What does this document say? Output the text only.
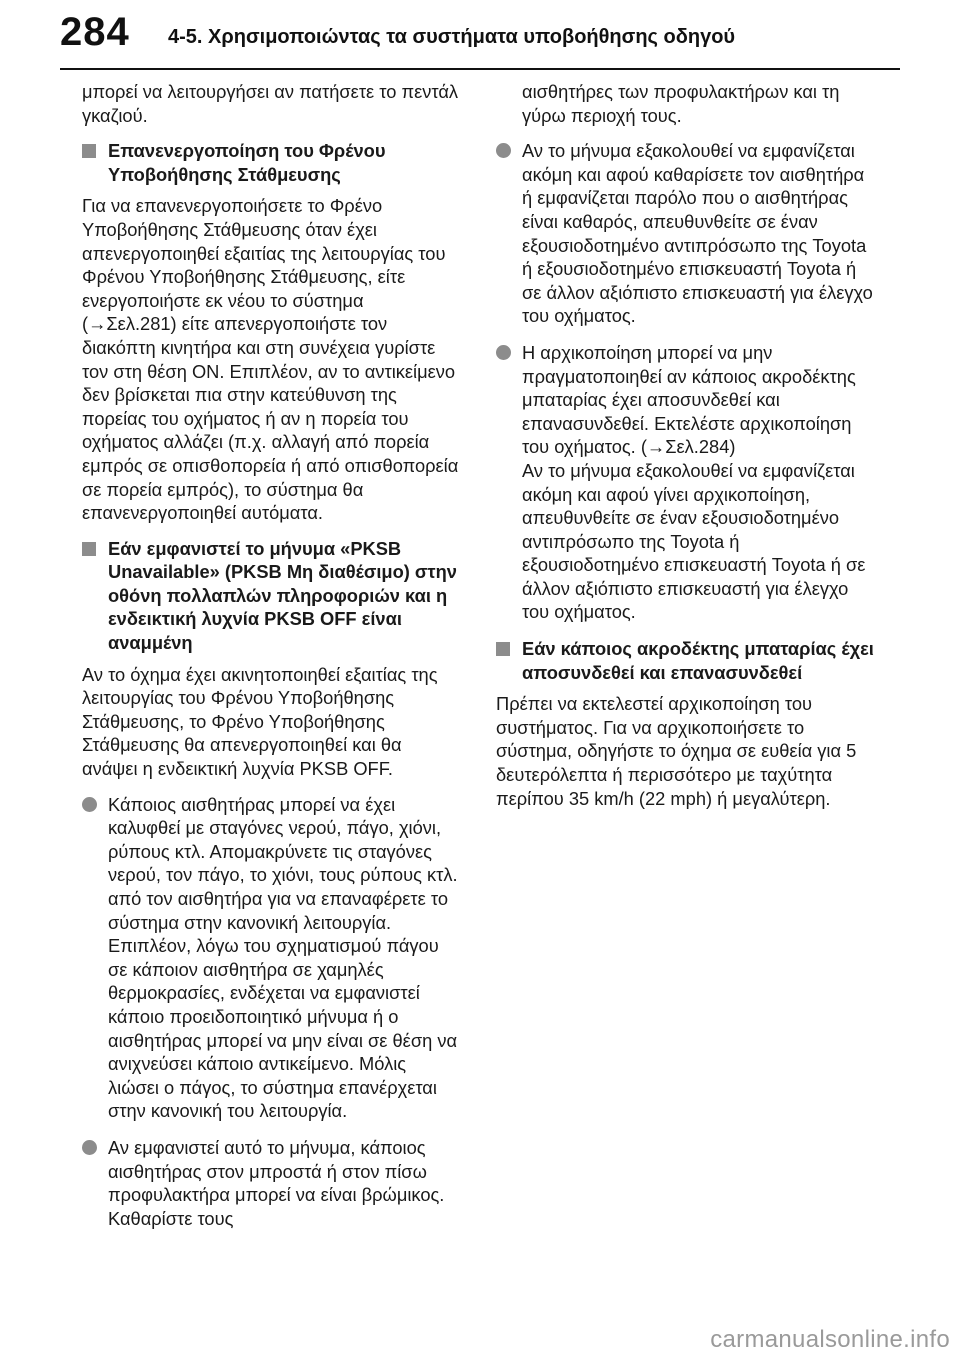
284 4-5. Χρησιμοποιώντας τα συστήματα υποβοήθησης οδηγού

μπορεί να λειτουργήσει αν πατήσετε το πεντάλ γκαζιού.

Επανενεργοποίηση του Φρένου Υποβοήθησης Στάθμευσης

Για να επανενεργοποιήσετε το Φρένο Υποβοήθησης Στάθμευσης όταν έχει απενεργοποιηθεί εξαιτίας της λειτουργίας του Φρένου Υποβοήθησης Στάθμευσης, είτε ενεργοποιήστε εκ νέου το σύστημα (→Σελ.281) είτε απενεργοποιήστε τον διακόπτη κινητήρα και στη συνέχεια γυρίστε τον στη θέση ON. Επιπλέον, αν το αντικείμενο δεν βρίσκεται πια στην κατεύθυνση της πορείας του οχήματος ή αν η πορεία του οχήματος αλλάζει (π.χ. αλλαγή από πορεία εμπρός σε οπισθοπορεία ή από οπισθοπορεία σε πορεία εμπρός), το σύστημα θα επανενεργοποιηθεί αυτόματα.

Εάν εμφανιστεί το μήνυμα «PKSB Unavailable» (PKSB Μη διαθέσιμο) στην οθόνη πολλαπλών πληροφοριών και η ενδεικτική λυχνία PKSB OFF είναι αναμμένη

Αν το όχημα έχει ακινητοποιηθεί εξαιτίας της λειτουργίας του Φρένου Υποβοήθησης Στάθμευσης, το Φρένο Υποβοήθησης Στάθμευσης θα απενεργοποιηθεί και θα ανάψει η ενδεικτική λυχνία PKSB OFF.

Κάποιος αισθητήρας μπορεί να έχει καλυφθεί με σταγόνες νερού, πάγο, χιόνι, ρύπους κτλ. Απομακρύνετε τις σταγόνες νερού, τον πάγο, το χιόνι, τους ρύπους κτλ. από τον αισθητήρα για να επαναφέρετε το σύστημα στην κανονική λειτουργία.
Επιπλέον, λόγω του σχηματισμού πάγου σε κάποιον αισθητήρα σε χαμηλές θερμοκρασίες, ενδέχεται να εμφανιστεί κάποιο προειδοποιητικό μήνυμα ή ο αισθητήρας μπορεί να μην είναι σε θέση να ανιχνεύσει κάποιο αντικείμενο. Μόλις λιώσει ο πάγος, το σύστημα επανέρχεται στην κανονική του λειτουργία.
Αν εμφανιστεί αυτό το μήνυμα, κάποιος αισθητήρας στον μπροστά ή στον πίσω προφυλακτήρα μπορεί να είναι βρώμικος. Καθαρίστε τους

αισθητήρες των προφυλακτήρων και τη γύρω περιοχή τους.

Αν το μήνυμα εξακολουθεί να εμφανίζεται ακόμη και αφού καθαρίσετε τον αισθητήρα ή εμφανίζεται παρόλο που ο αισθητήρας είναι καθαρός, απευθυνθείτε σε έναν εξουσιοδοτημένο αντιπρόσωπο της Toyota ή εξουσιοδοτημένο επισκευαστή Toyota ή σε άλλον αξιόπιστο επισκευαστή για έλεγχο του οχήματος.
Η αρχικοποίηση μπορεί να μην πραγματοποιηθεί αν κάποιος ακροδέκτης μπαταρίας έχει αποσυνδεθεί και επανασυνδεθεί. Εκτελέστε αρχικοποίηση του οχήματος. (→Σελ.284)
Αν το μήνυμα εξακολουθεί να εμφανίζεται ακόμη και αφού γίνει αρχικοποίηση, απευθυνθείτε σε έναν εξουσιοδοτημένο αντιπρόσωπο της Toyota ή εξουσιοδοτημένο επισκευαστή Toyota ή σε άλλον αξιόπιστο επισκευαστή για έλεγχο του οχήματος.
Εάν κάποιος ακροδέκτης μπαταρίας έχει αποσυνδεθεί και επανασυνδεθεί

Πρέπει να εκτελεστεί αρχικοποίηση του συστήματος. Για να αρχικοποιήσετε το σύστημα, οδηγήστε το όχημα σε ευθεία για 5 δευτερόλεπτα ή περισσότερο με ταχύτητα περίπου 35 km/h (22 mph) ή μεγαλύτερη.

carmanualsonline.info
